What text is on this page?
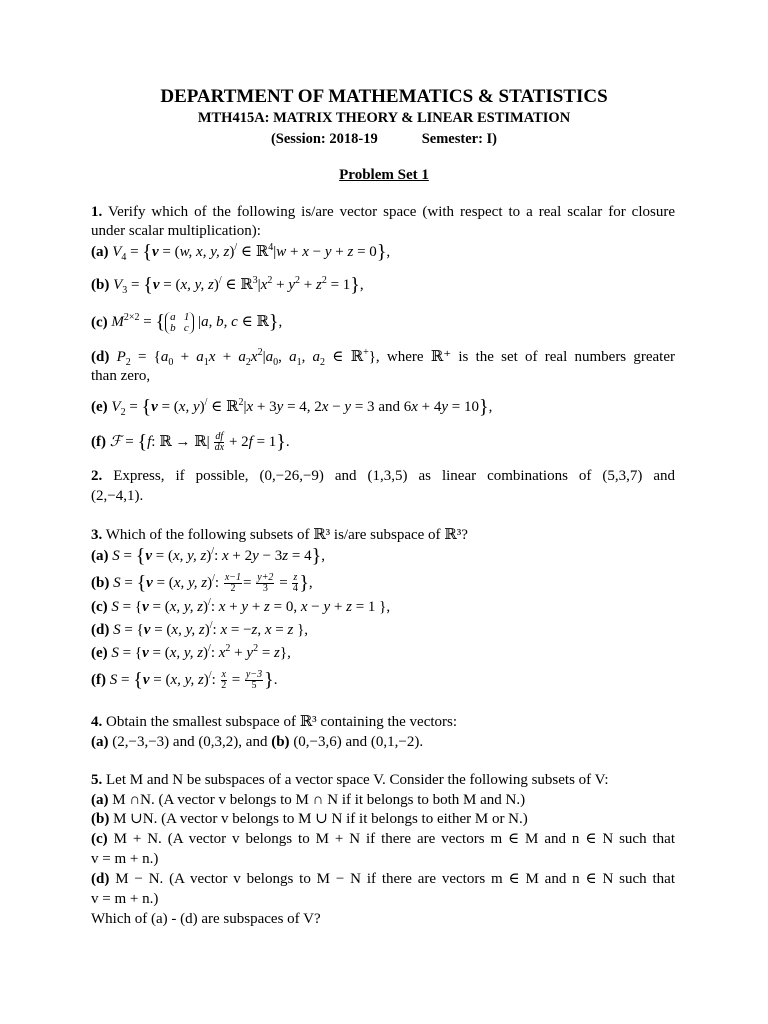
DEPARTMENT OF MATHEMATICS & STATISTICS
MTH415A: MATRIX THEORY & LINEAR ESTIMATION
(Session: 2018-19	Semester: I)
Problem Set 1
1. Verify which of the following is/are vector space (with respect to a real scalar for closure
under scalar multiplication):
(a) $V_4 = \{v = (w$, x, y, z)/ ∈ ℝ$^4$|w + x − y + z = 0},
(b) $V_3 = \{v = (x$, y, z)/ ∈ $ℝ^3|x^2 + y^2 + z^2 = 1$},
(c) $M^{2\times 2}$ = { a   1
b   c |a, b, c ∈ ℝ},
(d) $P_2 = \{a_0 + a_1x + a_2x^2|a_0$, $a_1$, $a_2$ ∈ ℝ+}, where ℝ⁺ is the set of real numbers greater
than zero,
(e) $V_2 = \{v = (x$, y)/ ∈ ℝ$^2$|x + 3y = 4, 2x − y = 3 and 6x + 4y = 10},
(f) ℱ = {f: ℝ → ℝ| $\frac{df}{dx} + 2f = 1$}.
2. Express, if possible, (0,−26,−9) and (1,3,5) as linear combinations of (5,3,7) and
(2,−4,1).
3. Which of the following subsets of ℝ³ is/are subspace of ℝ³?
(a) S = {v = (x, y, z)/: x + 2y − 3z = 4},
(b) S = {v = (x, y, z)/: $\frac{x-1}{2} = \frac{y+2}{3} = \frac{z}{4}$ },
(c) S = {v = (x, y, z)/: x + y + z = 0, x − y + z = 1 },
(d) S = {v = (x, y, z)/: x = −z, x = z },
(e) S = {v = (x, y, z)/: $x^2 + y^2 = z$},
(f) S = {v = (x, y, z)/: $\frac{x}{2} = \frac{y-3}{5}$ }.
4. Obtain the smallest subspace of ℝ³ containing the vectors:
(a) (2,−3,−3) and (0,3,2), and (b) (0,−3,6) and (0,1,−2).
5. Let M and N be subspaces of a vector space V. Consider the following subsets of V:
(a) M ∩N. (A vector v belongs to M ∩ N if it belongs to both M and N.)
(b) M ∪N. (A vector v belongs to M ∪ N if it belongs to either M or N.)
(c) M + N. (A vector v belongs to M + N if there are vectors m ∈ M and n ∈ N such that
v = m + n.)
(d) M − N. (A vector v belongs to M − N if there are vectors m ∈ M and n ∈ N such that
v = m + n.)
Which of (a) - (d) are subspaces of V?
